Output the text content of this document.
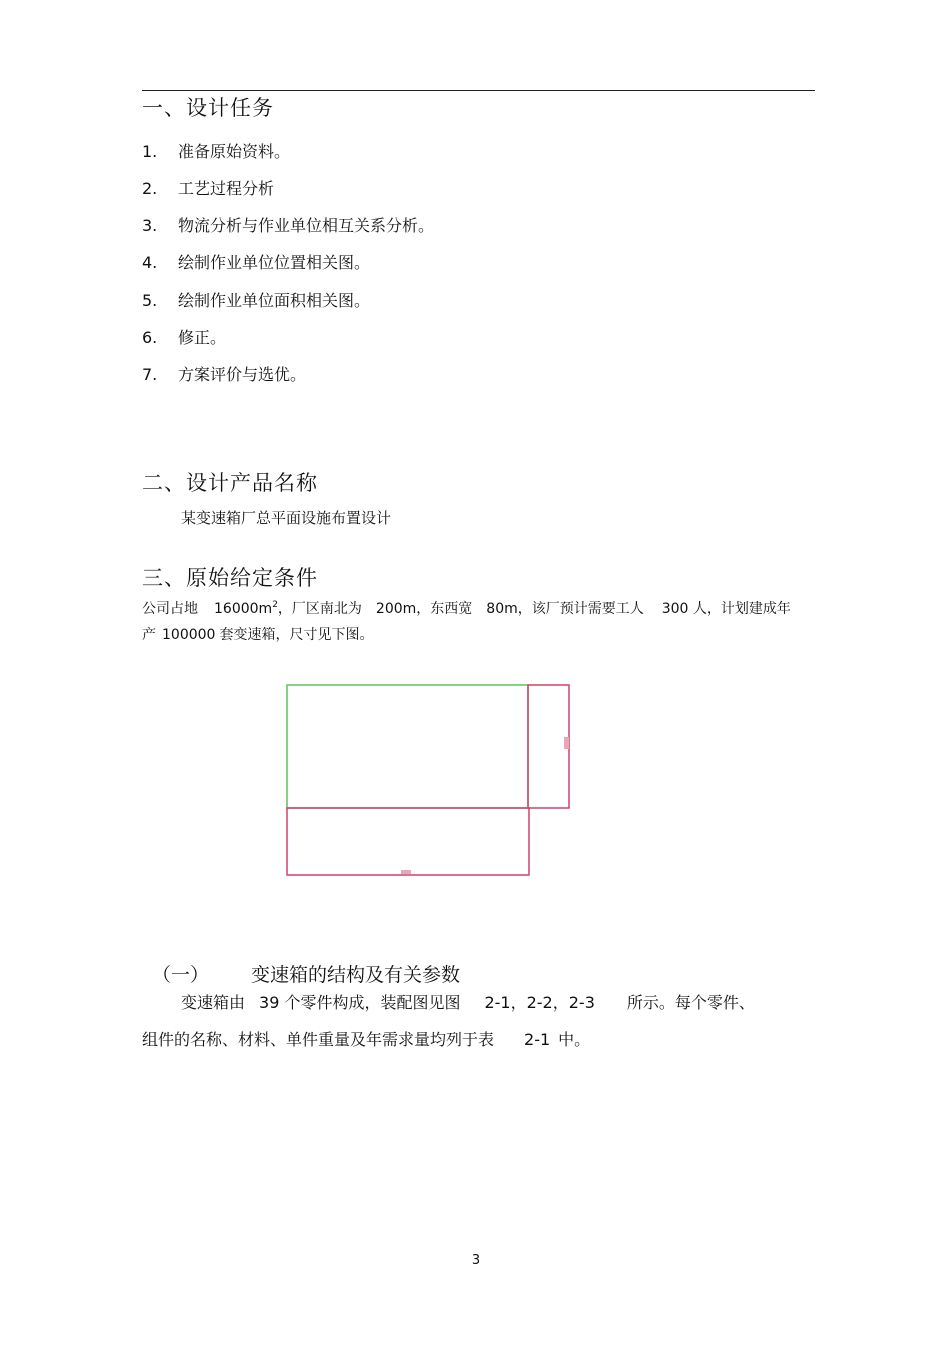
一、设计任务
1. 准备原始资料。
2. 工艺过程分析
3. 物流分析与作业单位相互关系分析。
4. 绘制作业单位位置相关图。
5. 绘制作业单位面积相关图。
6. 修正。
7. 方案评价与选优。
二、设计产品名称
某变速箱厂总平面设施布置设计
三、原始给定条件
公司占地 $16000m^2$，厂区南北为 200m，东西宽 80m，该厂预计需要工人 300 人，计划建成年
产 100000 套变速箱，尺寸见下图。
（一） 变速箱的结构及有关参数
变速箱由 39 个零件构成，装配图见图 2-1，2-2，2-3 所示。每个零件、
组件的名称、材料、单件重量及年需求量均列于表 2-1 中。
3
